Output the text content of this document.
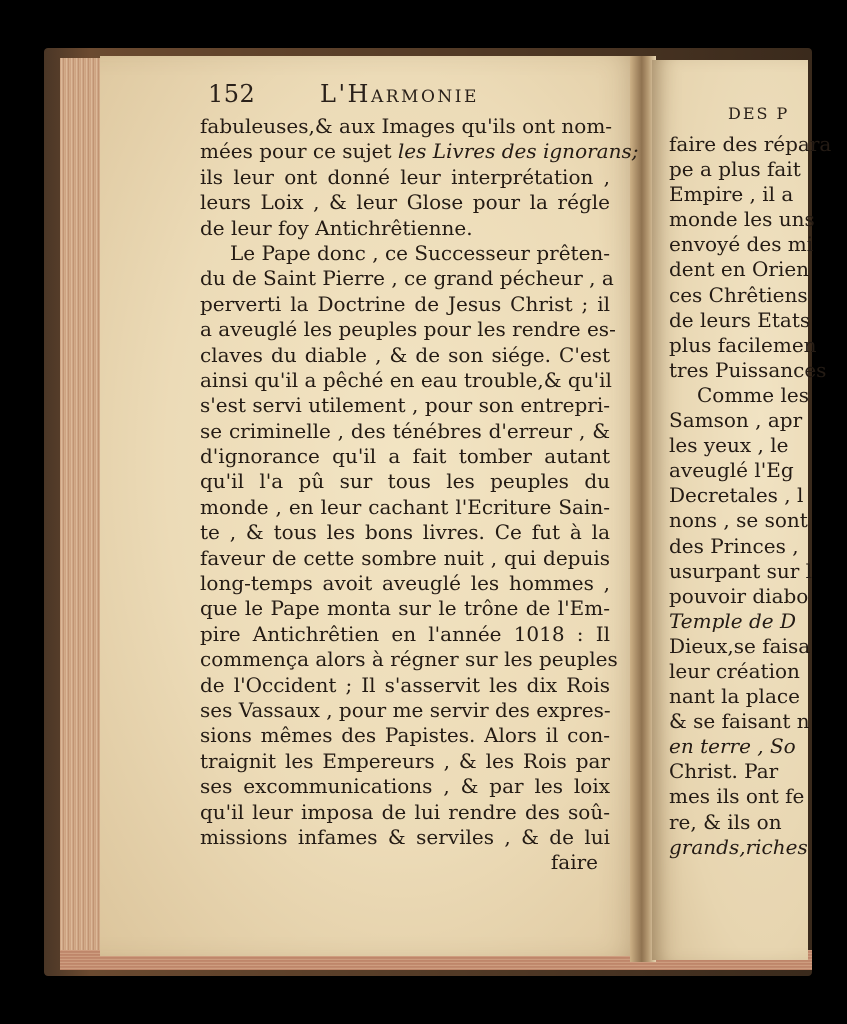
152	L'Harmonie
fabuleuses,& aux Images qu'ils ont nom-
mées pour ce sujet les Livres des ignorans;
ils leur ont donné leur interprétation ,
leurs Loix , & leur Glose pour la régle
de leur foy Antichrêtienne.
Le Pape donc , ce Successeur prêten-
du de Saint Pierre , ce grand pécheur , a
perverti la Doctrine de Jesus Christ ; il
a aveuglé les peuples pour les rendre es-
claves du diable , & de son siége. C'est
ainsi qu'il a pêché en eau trouble,& qu'il
s'est servi utilement , pour son entrepri-
se criminelle , des ténébres d'erreur , &
d'ignorance qu'il a fait tomber autant
qu'il l'a pû sur tous les peuples du
monde , en leur cachant l'Ecriture Sain-
te , & tous les bons livres. Ce fut à la
faveur de cette sombre nuit , qui depuis
long-temps avoit aveuglé les hommes ,
que le Pape monta sur le trône de l'Em-
pire Antichrêtien en l'année 1018 : Il
commença alors à régner sur les peuples
de l'Occident ; Il s'asservit les dix Rois
ses Vassaux , pour me servir des expres-
sions mêmes des Papistes. Alors il con-
traignit les Empereurs , & les Rois par
ses excommunications , & par les loix
qu'il leur imposa de lui rendre des soû-
missions infames & serviles , & de lui
faire
DES P
faire des répara
pe a plus fait
Empire , il a
monde les uns
envoyé des mi
dent en Orien
ces Chrêtiens
de leurs Etats
plus facilemen
tres Puissances
Comme les
Samson , apr
les yeux , le
aveuglé l'Eg
Decretales , l
nons , se sont
des Princes ,
usurpant sur l
pouvoir diabo
Temple de D
Dieux,se faisa
leur création
nant la place
& se faisant n
en terre , So
Christ. Par
mes ils ont fe
re, & ils on
grands,riches
